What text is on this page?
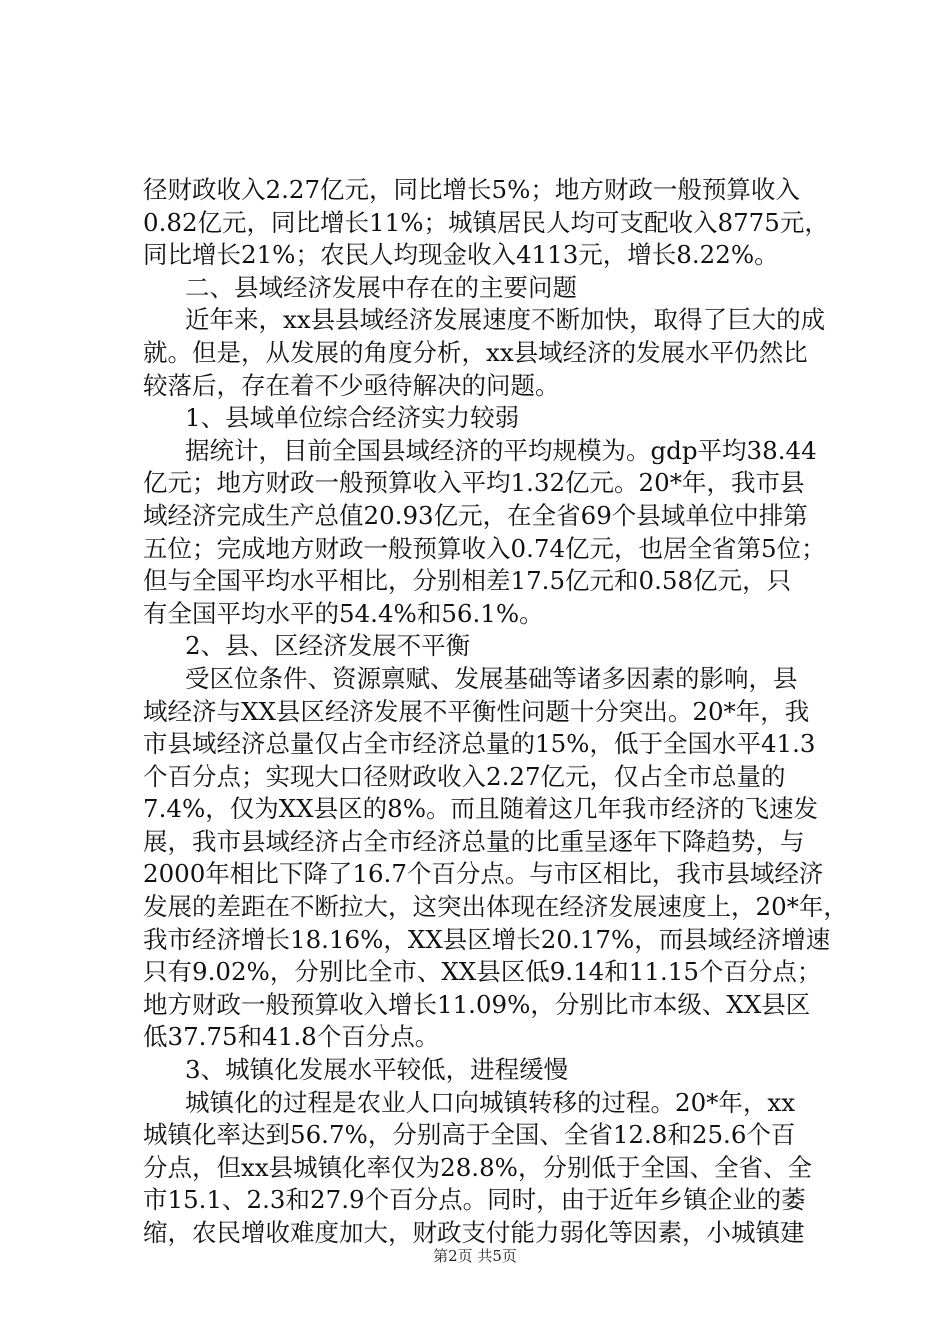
径财政收入2.27亿元，同比增长5%；地方财政一般预算收入
0.82亿元，同比增长11%；城镇居民人均可支配收入8775元，
同比增长21%；农民人均现金收入4113元，增长8.22%。
二、县域经济发展中存在的主要问题
近年来，xx县县域经济发展速度不断加快，取得了巨大的成
就。但是，从发展的角度分析，xx县域经济的发展水平仍然比
较落后，存在着不少亟待解决的问题。
1、县域单位综合经济实力较弱
据统计，目前全国县域经济的平均规模为。gdp平均38.44
亿元；地方财政一般预算收入平均1.32亿元。20*年，我市县
域经济完成生产总值20.93亿元，在全省69个县域单位中排第
五位；完成地方财政一般预算收入0.74亿元，也居全省第5位；
但与全国平均水平相比，分别相差17.5亿元和0.58亿元，只
有全国平均水平的54.4%和56.1%。
2、县、区经济发展不平衡
受区位条件、资源禀赋、发展基础等诸多因素的影响，县
域经济与XX县区经济发展不平衡性问题十分突出。20*年，我
市县域经济总量仅占全市经济总量的15%，低于全国水平41.3
个百分点；实现大口径财政收入2.27亿元，仅占全市总量的
7.4%，仅为XX县区的8%。而且随着这几年我市经济的飞速发
展，我市县域经济占全市经济总量的比重呈逐年下降趋势，与
2000年相比下降了16.7个百分点。与市区相比，我市县域经济
发展的差距在不断拉大，这突出体现在经济发展速度上，20*年，
我市经济增长18.16%，XX县区增长20.17%，而县域经济增速
只有9.02%，分别比全市、XX县区低9.14和11.15个百分点；
地方财政一般预算收入增长11.09%，分别比市本级、XX县区
低37.75和41.8个百分点。
3、城镇化发展水平较低，进程缓慢
城镇化的过程是农业人口向城镇转移的过程。20*年，xx
城镇化率达到56.7%，分别高于全国、全省12.8和25.6个百
分点，但xx县城镇化率仅为28.8%，分别低于全国、全省、全
市15.1、2.3和27.9个百分点。同时，由于近年乡镇企业的萎
缩，农民增收难度加大，财政支付能力弱化等因素，小城镇建
第2页 共5页
